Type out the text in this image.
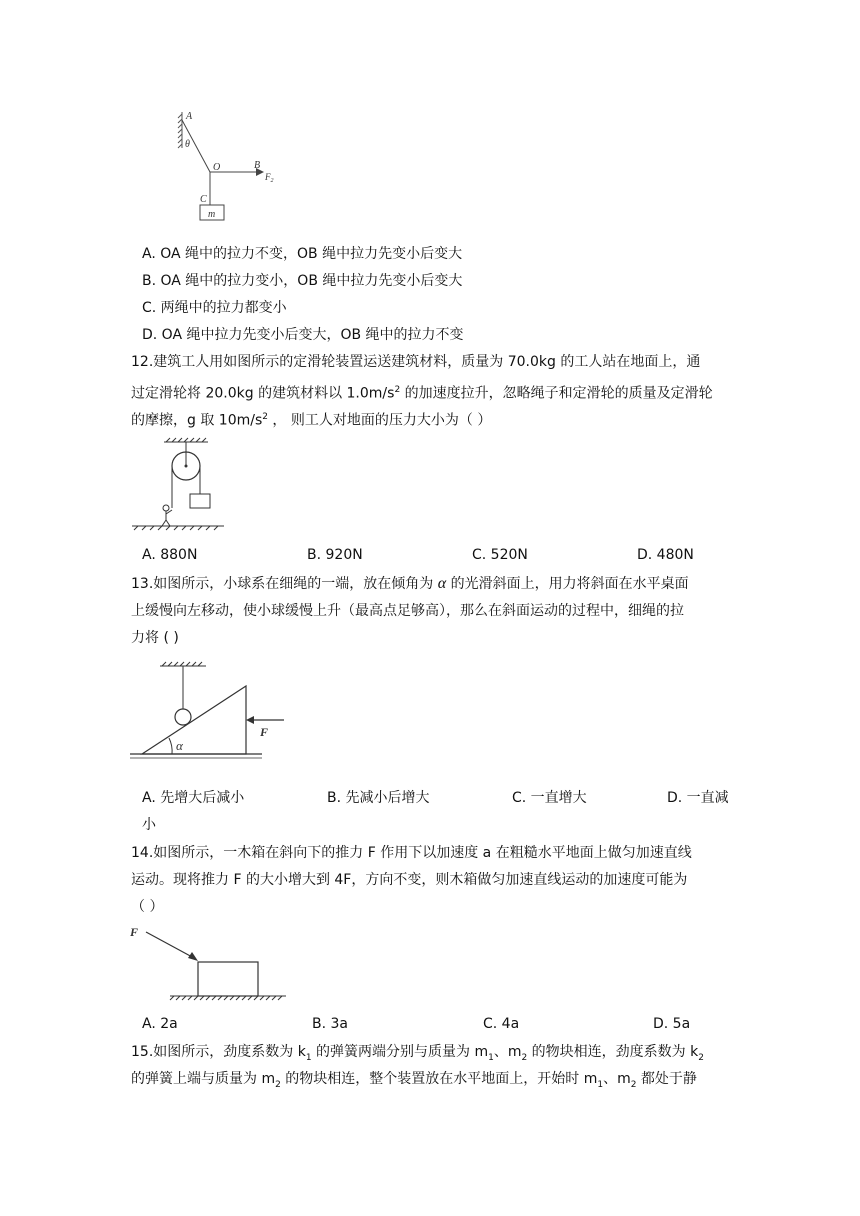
A
θ
O	B
$F_2$
C
m
A. OA 绳中的拉力不变，OB 绳中拉力先变小后变大
B. OA 绳中的拉力变小，OB 绳中拉力先变小后变大
C. 两绳中的拉力都变小
D. OA 绳中拉力先变小后变大，OB 绳中的拉力不变
12.建筑工人用如图所示的定滑轮装置运送建筑材料，质量为 70.0kg 的工人站在地面上，通
过定滑轮将 20.0kg 的建筑材料以 $1.0m/s^2$ 的加速度拉升，忽略绳子和定滑轮的质量及定滑轮
的摩擦，g 取 $10m/s^2$ ， 则工人对地面的压力大小为（ ）
A. 880N	B. 920N	C. 520N	D. 480N
13.如图所示，小球系在细绳的一端，放在倾角为 α 的光滑斜面上，用力将斜面在水平桌面
上缓慢向左移动，使小球缓慢上升（最高点足够高），那么在斜面运动的过程中，细绳的拉
力将 ( )
α
F
A. 先增大后减小	B. 先减小后增大	C. 一直增大	D. 一直减
小
14.如图所示，一木箱在斜向下的推力 F 作用下以加速度 a 在粗糙水平地面上做匀加速直线
运动。现将推力 F 的大小增大到 4F，方向不变，则木箱做匀加速直线运动的加速度可能为
（ ）
F
A. 2a	B. 3a	C. 4a	D. 5a
15.如图所示，劲度系数为 $k_1$ 的弹簧两端分别与质量为 $m_1$、$m_2$ 的物块相连，劲度系数为 $k_2$
的弹簧上端与质量为 $m_2$ 的物块相连，整个装置放在水平地面上，开始时 $m_1$、$m_2$ 都处于静
